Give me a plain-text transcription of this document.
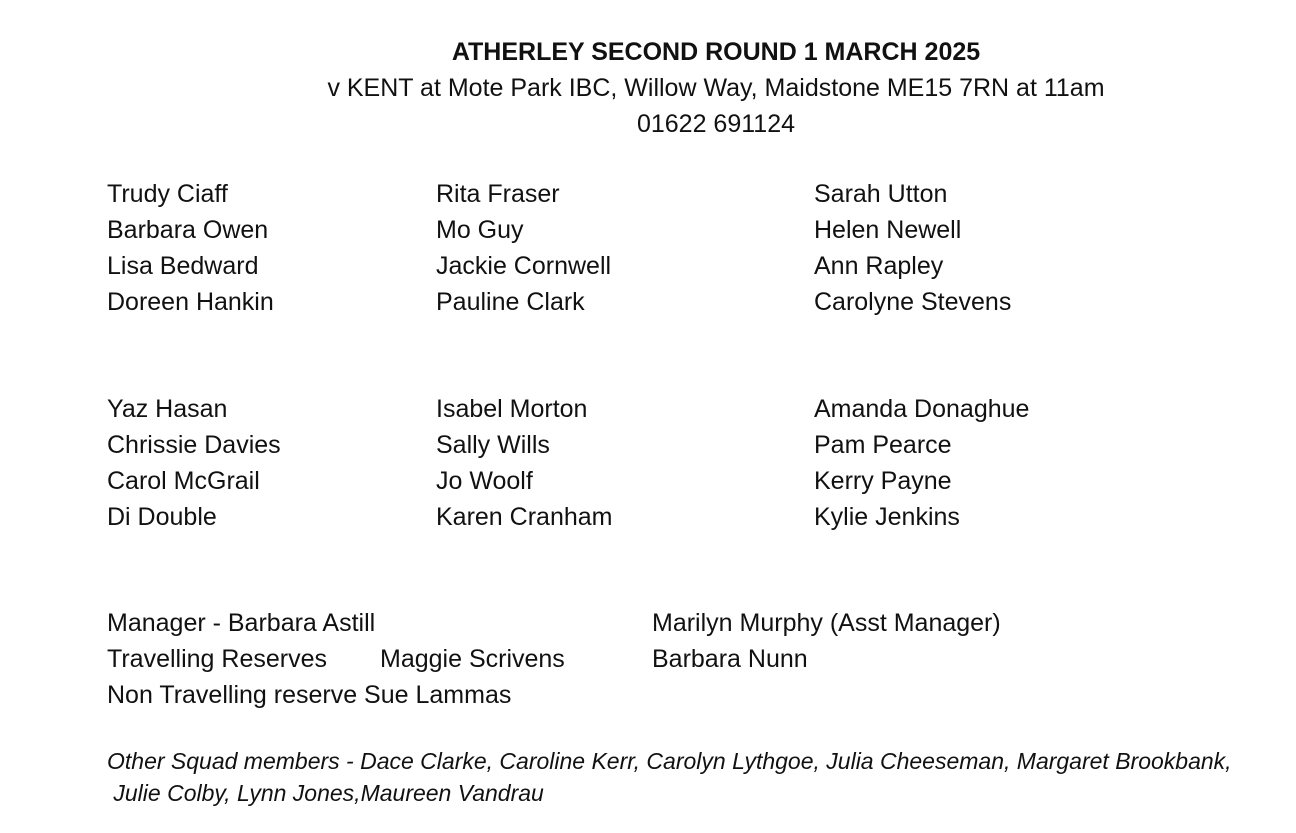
ATHERLEY SECOND ROUND 1 MARCH 2025
v KENT at Mote Park IBC, Willow Way, Maidstone ME15 7RN at 11am
01622 691124
Trudy Ciaff
Barbara Owen
Lisa Bedward
Doreen Hankin
Rita Fraser
Mo Guy
Jackie Cornwell
Pauline Clark
Sarah Utton
Helen Newell
Ann Rapley
Carolyne Stevens
Yaz Hasan
Chrissie Davies
Carol McGrail
Di Double
Isabel Morton
Sally Wills
Jo Woolf
Karen Cranham
Amanda Donaghue
Pam Pearce
Kerry Payne
Kylie Jenkins
Manager - Barbara Astill	Marilyn Murphy (Asst Manager)
Travelling Reserves Maggie Scrivens	Barbara Nunn
Non Travelling reserve Sue Lammas
Other Squad members - Dace Clarke, Caroline Kerr, Carolyn Lythgoe, Julia Cheeseman, Margaret Brookbank,
Julie Colby, Lynn Jones,Maureen Vandrau
